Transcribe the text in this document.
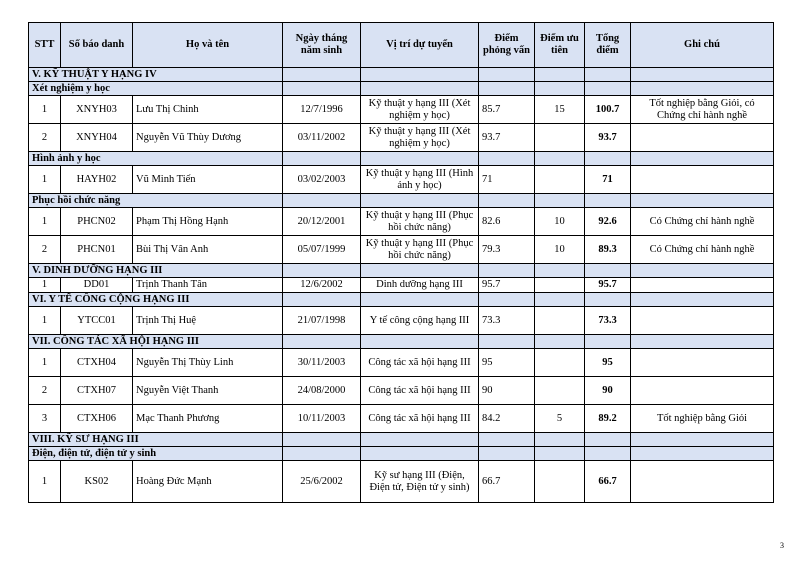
STT	Số báo danh	Họ và tên	Ngày tháng năm sinh	Vị trí dự tuyển	Điểm phỏng vấn	Điểm ưu tiên	Tổng điểm	Ghi chú
V. KỸ THUẬT Y HẠNG IV								
Xét nghiệm y học								
1	XNYH03	Lưu Thị Chinh	12/7/1996	Kỹ thuật y hạng III (Xét nghiệm y học)	85.7	15	100.7	Tốt nghiệp bằng Giỏi, có Chứng chỉ hành nghề
2	XNYH04	Nguyễn Vũ Thùy Dương	03/11/2002	Kỹ thuật y hạng III (Xét nghiệm y học)	93.7		93.7	
Hình ảnh y học								
1	HAYH02	Vũ Minh Tiến	03/02/2003	Kỹ thuật y hạng III (Hình ảnh y học)	71		71	
Phục hồi chức năng								
1	PHCN02	Phạm Thị Hồng Hạnh	20/12/2001	Kỹ thuật y hạng III (Phục hồi chức năng)	82.6	10	92.6	Có Chứng chỉ hành nghề
2	PHCN01	Bùi Thị Vân Anh	05/07/1999	Kỹ thuật y hạng III (Phục hồi chức năng)	79.3	10	89.3	Có Chứng chỉ hành nghề
V. DINH DƯỠNG HẠNG III								
1	DD01	Trịnh Thanh Tân	12/6/2002	Dinh dưỡng hạng III	95.7		95.7	
VI. Y TẾ CÔNG CỘNG HẠNG III								
1	YTCC01	Trịnh Thị Huệ	21/07/1998	Y tế công cộng hạng III	73.3		73.3	
VII. CÔNG TÁC XÃ HỘI HẠNG III								
1	CTXH04	Nguyễn Thị Thùy Linh	30/11/2003	Công tác xã hội hạng III	95		95	
2	CTXH07	Nguyễn Việt Thanh	24/08/2000	Công tác xã hội hạng III	90		90	
3	CTXH06	Mạc Thanh Phương	10/11/2003	Công tác xã hội hạng III	84.2	5	89.2	Tốt nghiệp bằng Giỏi
VIII. KỸ SƯ HẠNG III								
Điện, điện tử, điện tử y sinh								
1	KS02	Hoàng Đức Mạnh	25/6/2002	Kỹ sư hạng III (Điện, Điện tử, Điện tử y sinh)	66.7		66.7	
3
